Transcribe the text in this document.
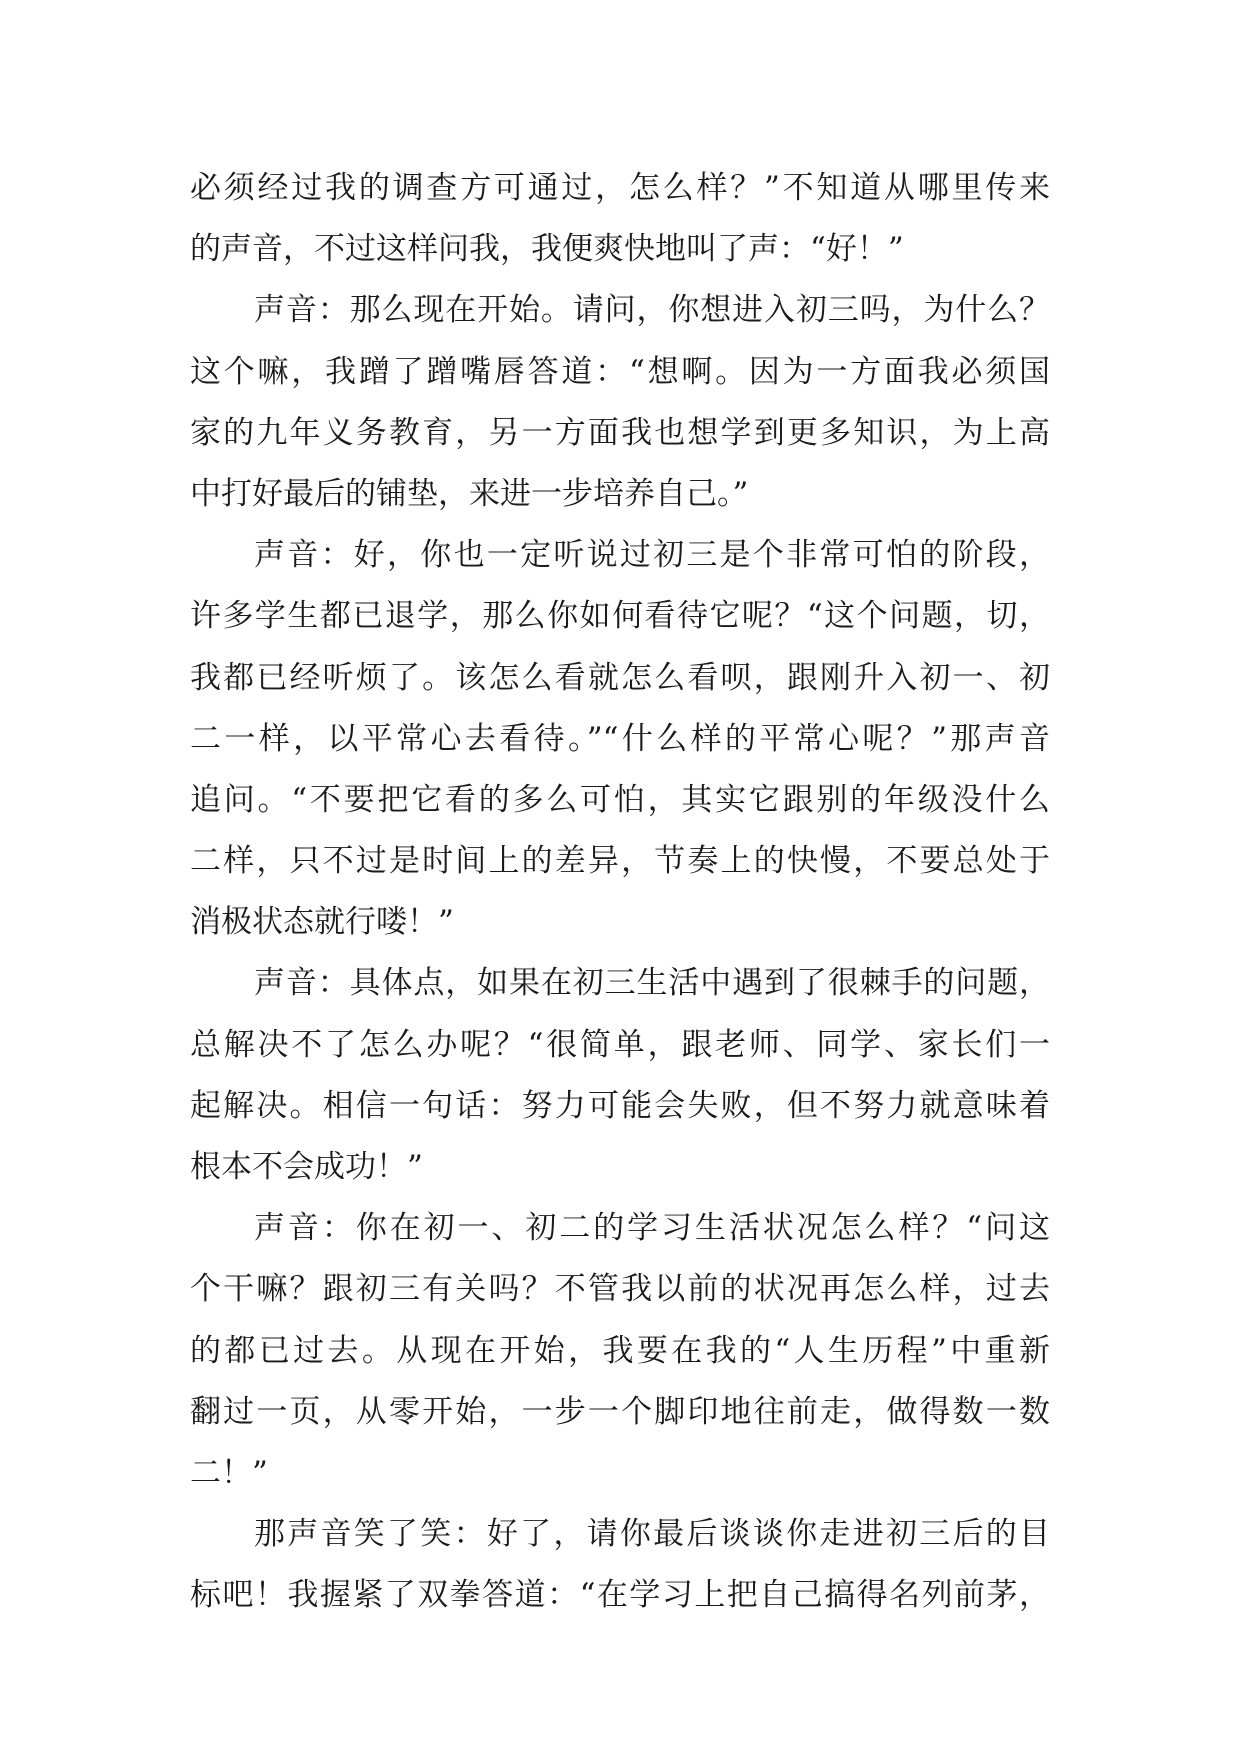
必须经过我的调查方可通过，怎么样？”不知道从哪里传来
的声音，不过这样问我，我便爽快地叫了声：“好！”
声音：那么现在开始。请问，你想进入初三吗，为什么？
这个嘛，我蹭了蹭嘴唇答道：“想啊。因为一方面我必须国
家的九年义务教育，另一方面我也想学到更多知识，为上高
中打好最后的铺垫，来进一步培养自己。”
声音：好，你也一定听说过初三是个非常可怕的阶段，
许多学生都已退学，那么你如何看待它呢？“这个问题，切，
我都已经听烦了。该怎么看就怎么看呗，跟刚升入初一、初
二一样，以平常心去看待。”“什么样的平常心呢？”那声音
追问。“不要把它看的多么可怕，其实它跟别的年级没什么
二样，只不过是时间上的差异，节奏上的快慢，不要总处于
消极状态就行喽！”
声音：具体点，如果在初三生活中遇到了很棘手的问题，
总解决不了怎么办呢？“很简单，跟老师、同学、家长们一
起解决。相信一句话：努力可能会失败，但不努力就意味着
根本不会成功！”
声音：你在初一、初二的学习生活状况怎么样？“问这
个干嘛？跟初三有关吗？不管我以前的状况再怎么样，过去
的都已过去。从现在开始，我要在我的“人生历程”中重新
翻过一页，从零开始，一步一个脚印地往前走，做得数一数
二！”
那声音笑了笑：好了，请你最后谈谈你走进初三后的目
标吧！我握紧了双拳答道：“在学习上把自己搞得名列前茅，
